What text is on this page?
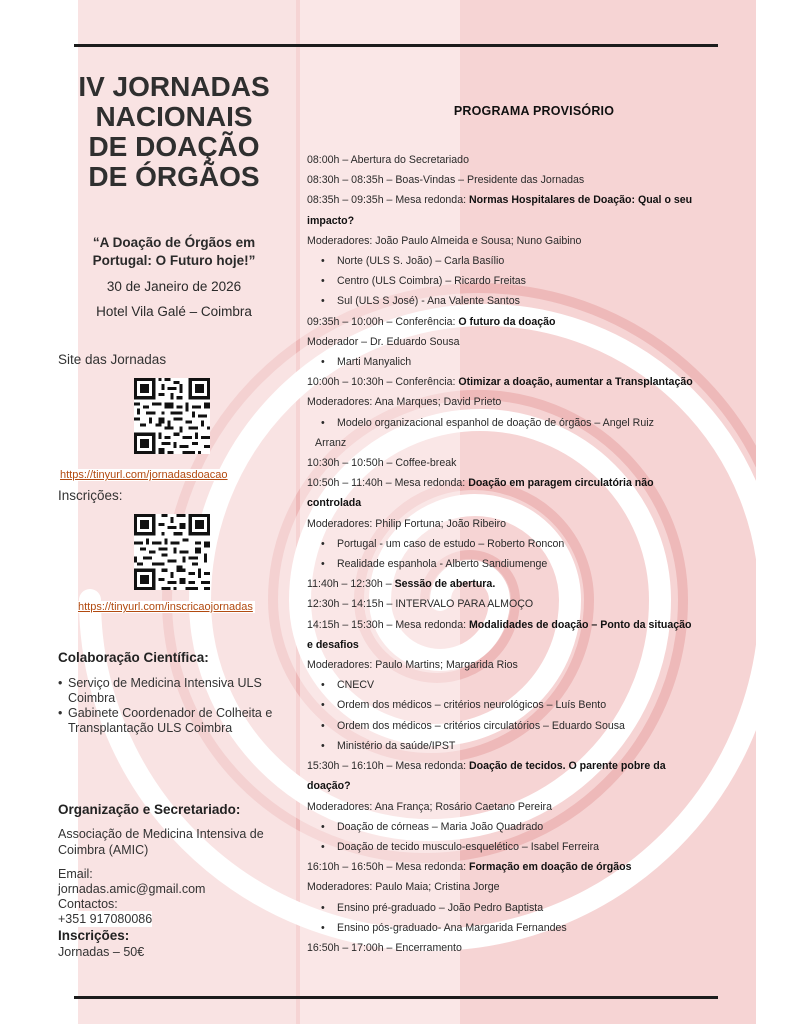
IV JORNADAS
NACIONAIS
DE DOAÇÃO
DE ÓRGÃOS
“A Doação de Órgãos em
Portugal: O Futuro hoje!”
30 de Janeiro de 2026
Hotel Vila Galé – Coimbra
Site das Jornadas
https://tinyurl.com/jornadasdoacao
Inscrições:
https://tinyurl.com/inscricaojornadas
Colaboração Científica:
• Serviço de Medicina Intensiva ULS Coimbra
• Gabinete Coordenador de Colheita e Transplantação ULS Coimbra
Organização e Secretariado:
Associação de Medicina Intensiva de
Coimbra (AMIC)
Email:
jornadas.amic@gmail.com
Contactos:
+351 917080086
Inscrições:
Jornadas – 50€
PROGRAMA PROVISÓRIO
08:00h – Abertura do Secretariado
08:30h – 08:35h – Boas-Vindas – Presidente das Jornadas
08:35h – 09:35h – Mesa redonda: Normas Hospitalares de Doação: Qual o seu
impacto?
Moderadores: João Paulo Almeida e Sousa; Nuno Gaibino
• Norte (ULS S. João) – Carla Basílio
• Centro (ULS Coimbra) – Ricardo Freitas
• Sul (ULS S José) - Ana Valente Santos
09:35h – 10:00h – Conferência: O futuro da doação
Moderador – Dr. Eduardo Sousa
• Marti Manyalich
10:00h – 10:30h – Conferência: Otimizar a doação, aumentar a Transplantação
Moderadores: Ana Marques; David Prieto
• Modelo organizacional espanhol de doação de órgãos – Angel Ruiz
Arranz
10:30h – 10:50h – Coffee-break
10:50h – 11:40h – Mesa redonda: Doação em paragem circulatória não
controlada
Moderadores: Philip Fortuna; João Ribeiro
• Portugal - um caso de estudo – Roberto Roncon
• Realidade espanhola - Alberto Sandiumenge
11:40h – 12:30h – Sessão de abertura.
12:30h – 14:15h – INTERVALO PARA ALMOÇO
14:15h – 15:30h – Mesa redonda: Modalidades de doação – Ponto da situação
e desafios
Moderadores: Paulo Martins; Margarida Rios
• CNECV
• Ordem dos médicos – critérios neurológicos – Luís Bento
• Ordem dos médicos – critérios circulatórios – Eduardo Sousa
• Ministério da saúde/IPST
15:30h – 16:10h – Mesa redonda: Doação de tecidos. O parente pobre da
doação?
Moderadores: Ana França; Rosário Caetano Pereira
• Doação de córneas – Maria João Quadrado
• Doação de tecido musculo-esquelético – Isabel Ferreira
16:10h – 16:50h – Mesa redonda: Formação em doação de órgãos
Moderadores: Paulo Maia; Cristina Jorge
• Ensino pré-graduado – João Pedro Baptista
• Ensino pós-graduado- Ana Margarida Fernandes
16:50h – 17:00h – Encerramento
